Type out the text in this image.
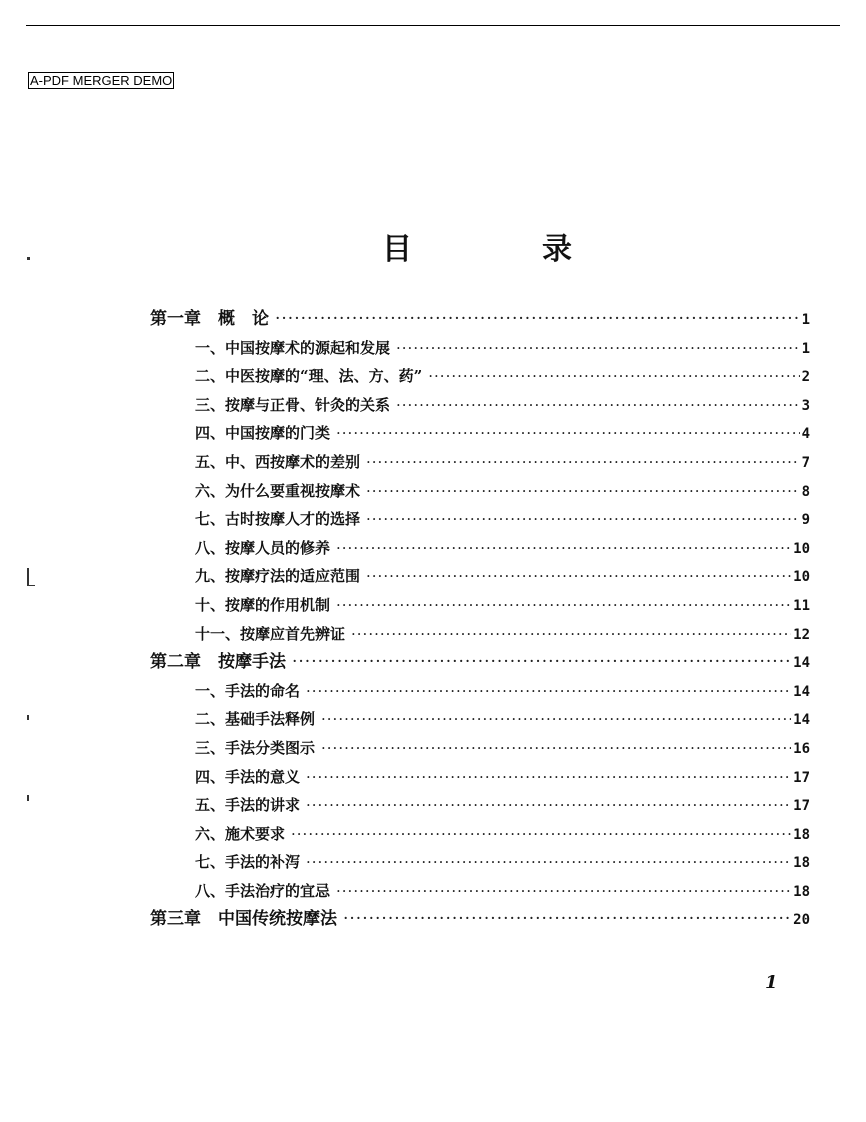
A-PDF MERGER DEMO
目	录
第一章　概　论 ·····	1
一、中国按摩术的源起和发展 ·····	1
二、中医按摩的“理、法、方、药” ·····	2
三、按摩与正骨、针灸的关系 ·····	3
四、中国按摩的门类 ·····	4
五、中、西按摩术的差别 ·····	7
六、为什么要重视按摩术 ·····	8
七、古时按摩人才的选择 ·····	9
八、按摩人员的修养 ·····	10
九、按摩疗法的适应范围 ·····	10
十、按摩的作用机制 ·····	11
十一、按摩应首先辨证 ·····	12
第二章　按摩手法 ·····	14
一、手法的命名 ·····	14
二、基础手法释例 ·····	14
三、手法分类图示 ·····	16
四、手法的意义 ·····	17
五、手法的讲求 ·····	17
六、施术要求 ·····	18
七、手法的补泻 ·····	18
八、手法治疗的宜忌 ·····	18
第三章　中国传统按摩法 ·····	20
1
